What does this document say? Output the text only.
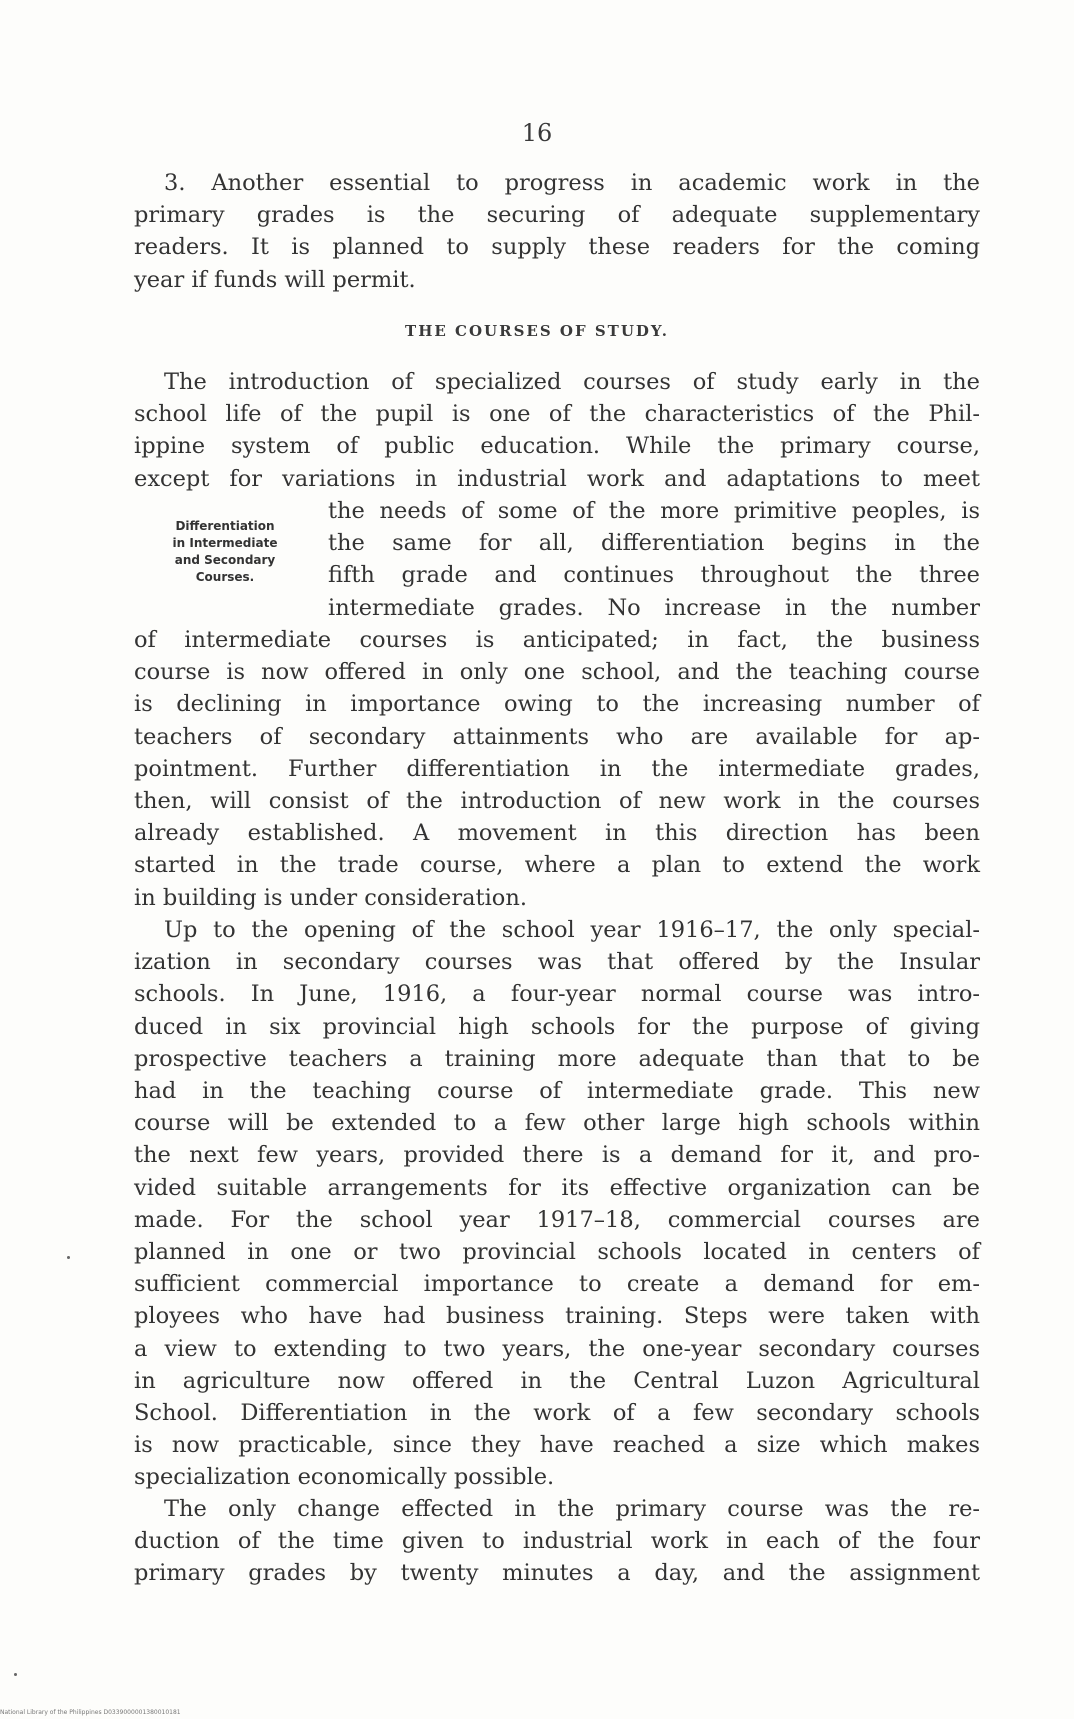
16
3. Another essential to progress in academic work in the
primary grades is the securing of adequate supplementary
readers. It is planned to supply these readers for the coming
year if funds will permit.
THE COURSES OF STUDY.
The introduction of specialized courses of study early in the
school life of the pupil is one of the characteristics of the Phil-
ippine system of public education. While the primary course,
except for variations in industrial work and adaptations to meet
Differentiation
in Intermediate
and Secondary
Courses.
the needs of some of the more primitive peoples, is
the same for all, differentiation begins in the
fifth grade and continues throughout the three
intermediate grades. No increase in the number
of intermediate courses is anticipated; in fact, the business
course is now offered in only one school, and the teaching course
is declining in importance owing to the increasing number of
teachers of secondary attainments who are available for ap-
pointment. Further differentiation in the intermediate grades,
then, will consist of the introduction of new work in the courses
already established. A movement in this direction has been
started in the trade course, where a plan to extend the work
in building is under consideration.
Up to the opening of the school year 1916–17, the only special-
ization in secondary courses was that offered by the Insular
schools. In June, 1916, a four-year normal course was intro-
duced in six provincial high schools for the purpose of giving
prospective teachers a training more adequate than that to be
had in the teaching course of intermediate grade. This new
course will be extended to a few other large high schools within
the next few years, provided there is a demand for it, and pro-
vided suitable arrangements for its effective organization can be
made. For the school year 1917–18, commercial courses are
planned in one or two provincial schools located in centers of
sufficient commercial importance to create a demand for em-
ployees who have had business training. Steps were taken with
a view to extending to two years, the one-year secondary courses
in agriculture now offered in the Central Luzon Agricultural
School. Differentiation in the work of a few secondary schools
is now practicable, since they have reached a size which makes
specialization economically possible.
The only change effected in the primary course was the re-
duction of the time given to industrial work in each of the four
primary grades by twenty minutes a day, and the assignment
National Library of the Philippines D0339000001380010181
